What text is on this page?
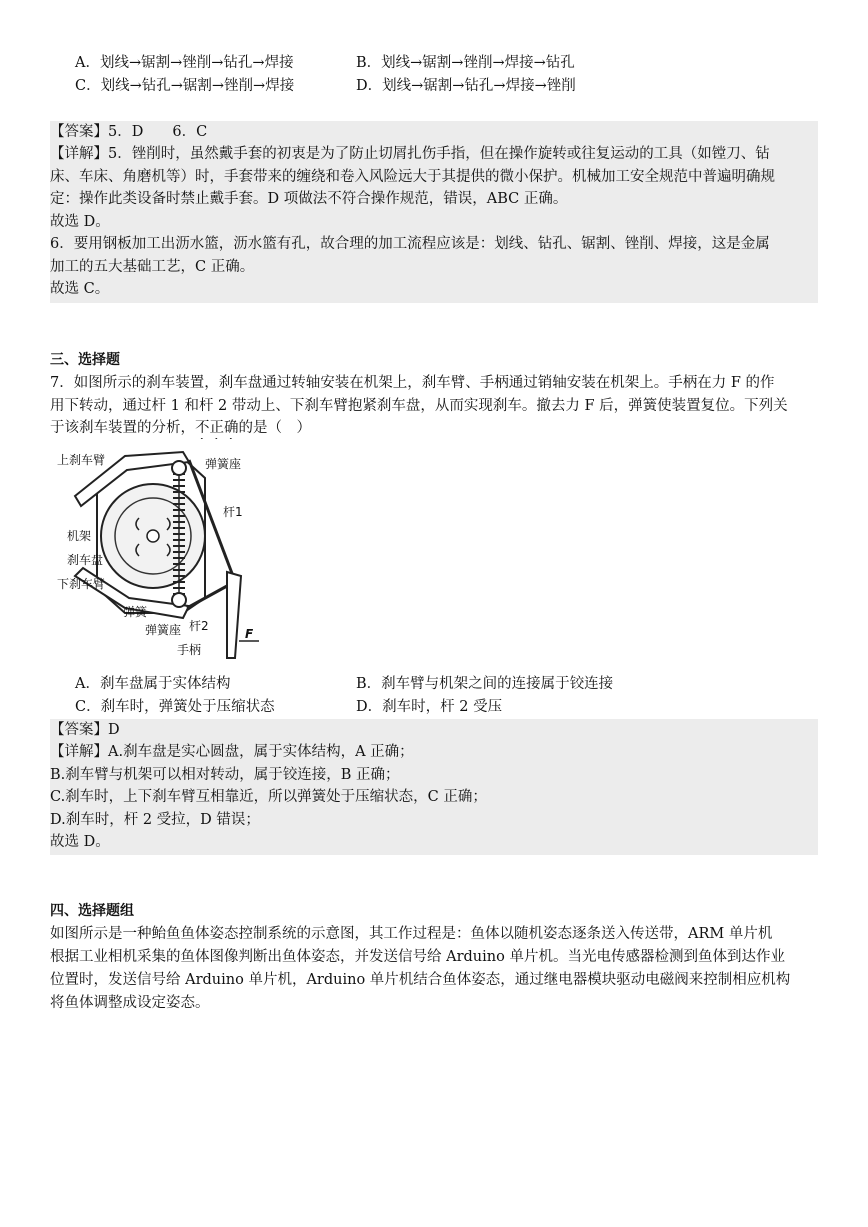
A．划线→锯割→锉削→钻孔→焊接	B．划线→锯割→锉削→焊接→钻孔
C．划线→钻孔→锯割→锉削→焊接	D．划线→锯割→钻孔→焊接→锉削
【答案】5．D　　6．C
【详解】5．锉削时，虽然戴手套的初衷是为了防止切屑扎伤手指，但在操作旋转或往复运动的工具（如镗刀、钻
床、车床、角磨机等）时，手套带来的缠绕和卷入风险远大于其提供的微小保护。机械加工安全规范中普遍明确规
定：操作此类设备时禁止戴手套。D 项做法不符合操作规范，错误，ABC 正确。
故选 D。
6．要用钢板加工出沥水篮，沥水篮有孔，故合理的加工流程应该是：划线、钻孔、锯割、锉削、焊接，这是金属
加工的五大基础工艺，C 正确。
故选 C。
三、选择题
7．如图所示的刹车装置，刹车盘通过转轴安装在机架上，刹车臂、手柄通过销轴安装在机架上。手柄在力 F 的作
用下转动，通过杆 1 和杆 2 带动上、下刹车臂抱紧刹车盘，从而实现刹车。撤去力 F 后，弹簧使装置复位。下列关
于该刹车装置的分析，不正确的是（　）
上刹车臂	弹簧座
杆1
机架
刹车盘
下刹车臂
弹簧
弹簧座 杆2
手柄
F
A．刹车盘属于实体结构	B．刹车臂与机架之间的连接属于铰连接
C．刹车时，弹簧处于压缩状态	D．刹车时，杆 2 受压
【答案】D
【详解】A.刹车盘是实心圆盘，属于实体结构，A 正确；
B.刹车臂与机架可以相对转动，属于铰连接，B 正确；
C.刹车时，上下刹车臂互相靠近，所以弹簧处于压缩状态，C 正确；
D.刹车时，杆 2 受拉，D 错误；
故选 D。
四、选择题组
如图所示是一种鲐鱼鱼体姿态控制系统的示意图，其工作过程是：鱼体以随机姿态逐条送入传送带，ARM 单片机
根据工业相机采集的鱼体图像判断出鱼体姿态，并发送信号给 Arduino 单片机。当光电传感器检测到鱼体到达作业
位置时，发送信号给 Arduino 单片机，Arduino 单片机结合鱼体姿态，通过继电器模块驱动电磁阀来控制相应机构
将鱼体调整成设定姿态。
